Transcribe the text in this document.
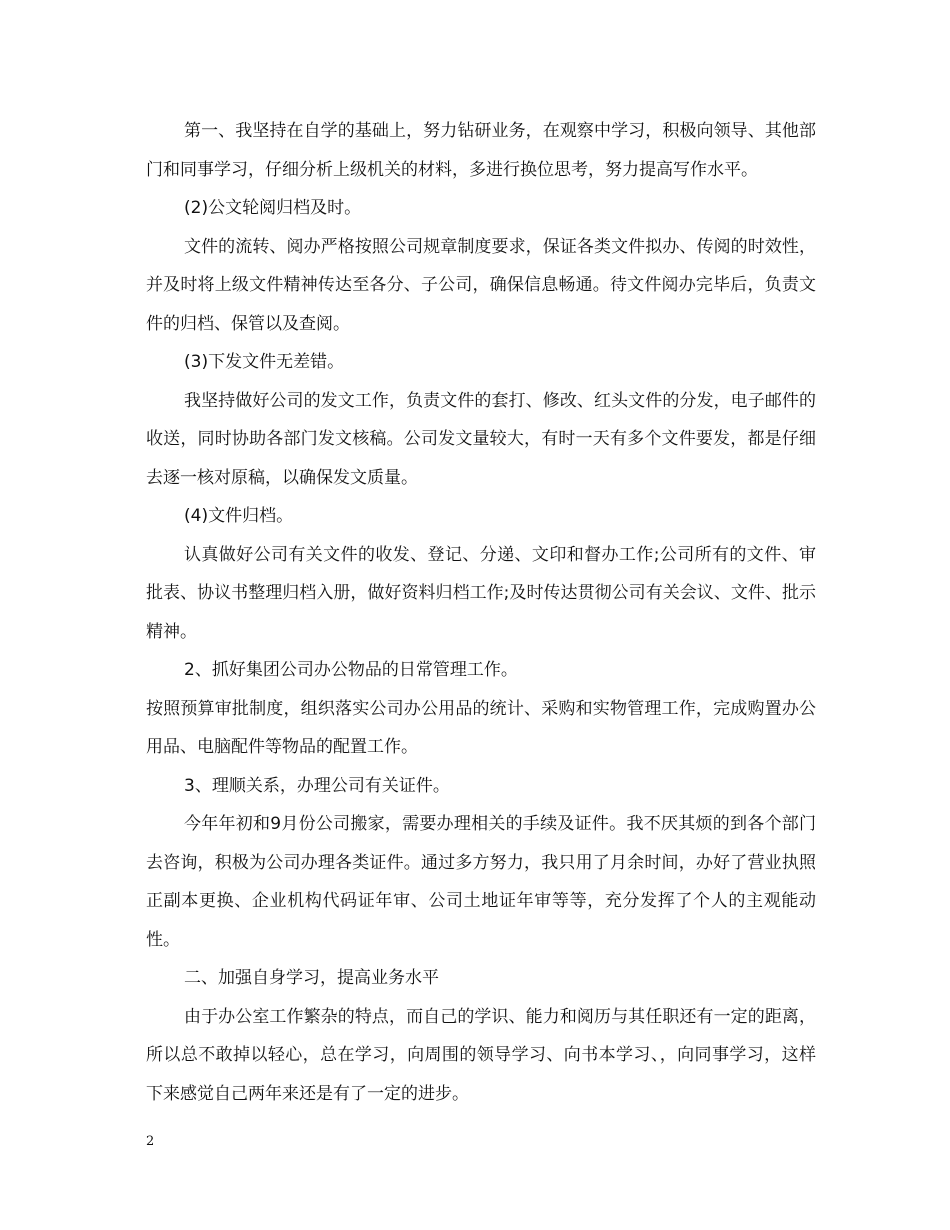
第一、我坚持在自学的基础上，努力钻研业务，在观察中学习，积极向领导、其他部门和同事学习，仔细分析上级机关的材料，多进行换位思考，努力提高写作水平。

(2)公文轮阅归档及时。

文件的流转、阅办严格按照公司规章制度要求，保证各类文件拟办、传阅的时效性，并及时将上级文件精神传达至各分、子公司，确保信息畅通。待文件阅办完毕后，负责文件的归档、保管以及查阅。

(3)下发文件无差错。

我坚持做好公司的发文工作，负责文件的套打、修改、红头文件的分发，电子邮件的收送，同时协助各部门发文核稿。公司发文量较大，有时一天有多个文件要发，都是仔细去逐一核对原稿，以确保发文质量。

(4)文件归档。

认真做好公司有关文件的收发、登记、分递、文印和督办工作;公司所有的文件、审批表、协议书整理归档入册，做好资料归档工作;及时传达贯彻公司有关会议、文件、批示精神。

2、抓好集团公司办公物品的日常管理工作。

按照预算审批制度，组织落实公司办公用品的统计、采购和实物管理工作，完成购置办公用品、电脑配件等物品的配置工作。

3、理顺关系，办理公司有关证件。

今年年初和9月份公司搬家，需要办理相关的手续及证件。我不厌其烦的到各个部门去咨询，积极为公司办理各类证件。通过多方努力，我只用了月余时间，办好了营业执照正副本更换、企业机构代码证年审、公司土地证年审等等，充分发挥了个人的主观能动性。

二、加强自身学习，提高业务水平

由于办公室工作繁杂的特点，而自己的学识、能力和阅历与其任职还有一定的距离，所以总不敢掉以轻心，总在学习，向周围的领导学习、向书本学习、，向同事学习，这样下来感觉自己两年来还是有了一定的进步。

2
